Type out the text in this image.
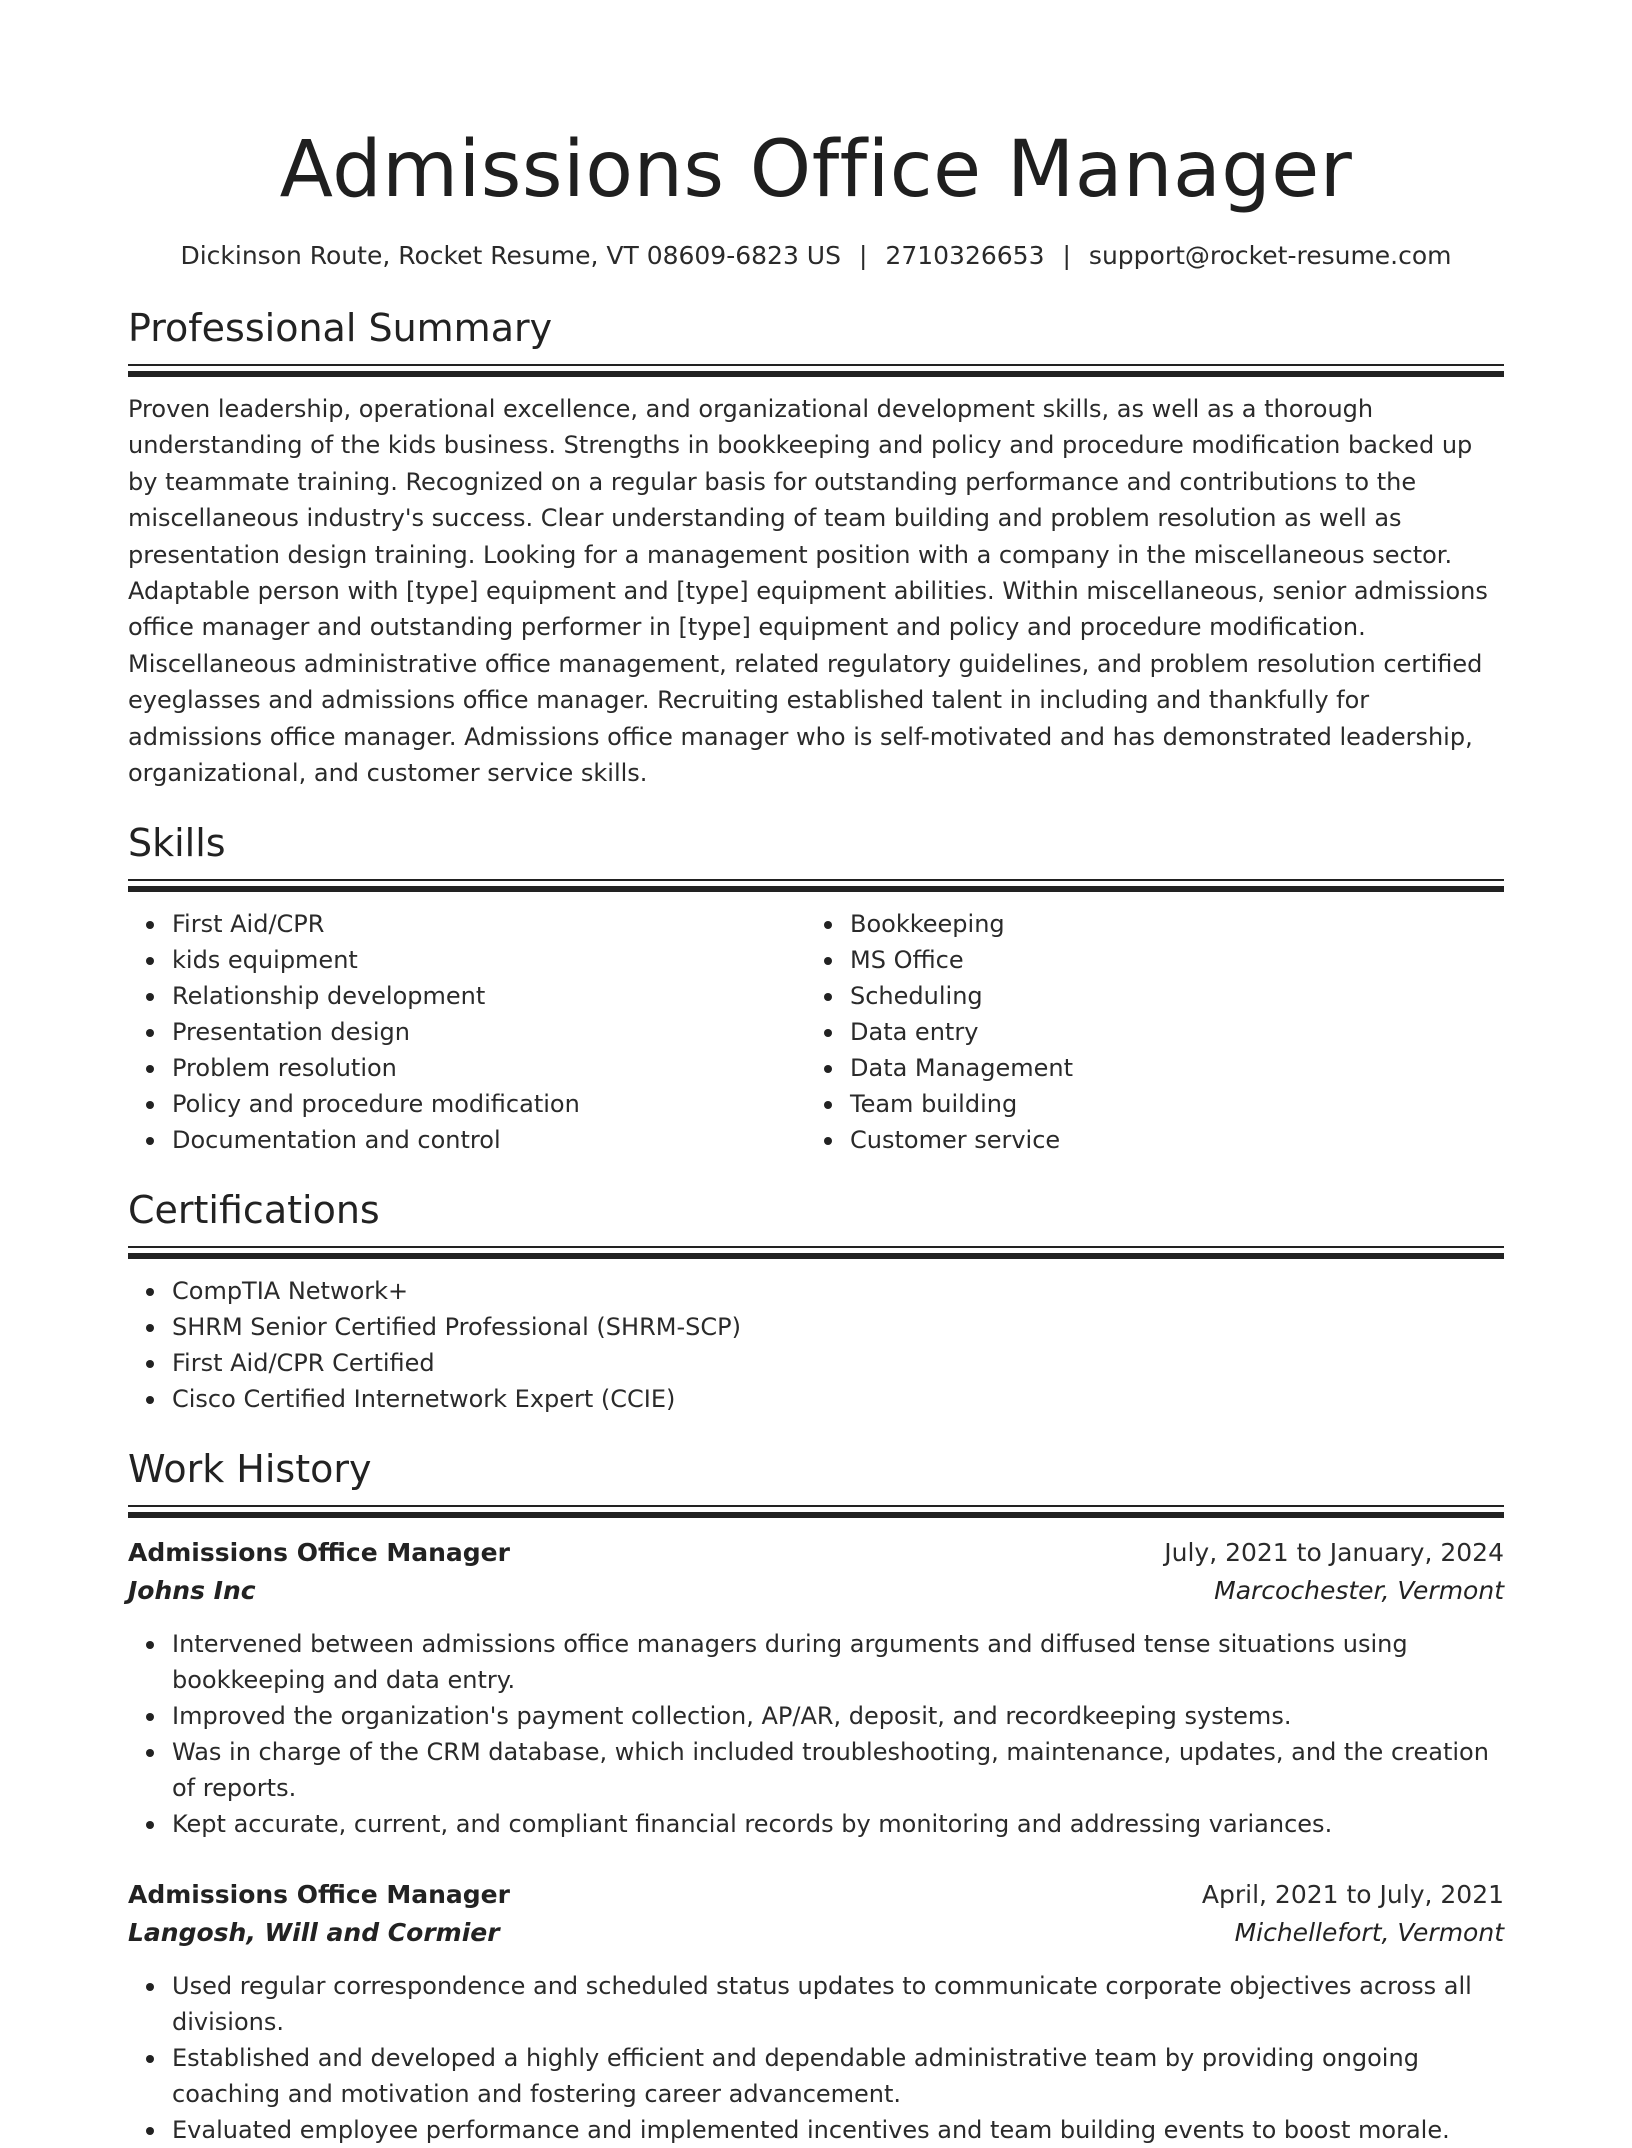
Admissions Office Manager
Dickinson Route, Rocket Resume, VT 08609-6823 US | 2710326653 | support@rocket-resume.com
Professional Summary
Proven leadership, operational excellence, and organizational development skills, as well as a thorough understanding of the kids business. Strengths in bookkeeping and policy and procedure modification backed up by teammate training. Recognized on a regular basis for outstanding performance and contributions to the miscellaneous industry's success. Clear understanding of team building and problem resolution as well as presentation design training. Looking for a management position with a company in the miscellaneous sector. Adaptable person with [type] equipment and [type] equipment abilities. Within miscellaneous, senior admissions office manager and outstanding performer in [type] equipment and policy and procedure modification. Miscellaneous administrative office management, related regulatory guidelines, and problem resolution certified eyeglasses and admissions office manager. Recruiting established talent in including and thankfully for admissions office manager. Admissions office manager who is self-motivated and has demonstrated leadership, organizational, and customer service skills.
Skills
First Aid/CPR
kids equipment
Relationship development
Presentation design
Problem resolution
Policy and procedure modification
Documentation and control
Bookkeeping
MS Office
Scheduling
Data entry
Data Management
Team building
Customer service
Certifications
CompTIA Network+
SHRM Senior Certified Professional (SHRM-SCP)
First Aid/CPR Certified
Cisco Certified Internetwork Expert (CCIE)
Work History
Admissions Office Manager	July, 2021 to January, 2024
Johns Inc	Marcochester, Vermont
Intervened between admissions office managers during arguments and diffused tense situations using bookkeeping and data entry.
Improved the organization's payment collection, AP/AR, deposit, and recordkeeping systems.
Was in charge of the CRM database, which included troubleshooting, maintenance, updates, and the creation of reports.
Kept accurate, current, and compliant financial records by monitoring and addressing variances.
Admissions Office Manager	April, 2021 to July, 2021
Langosh, Will and Cormier	Michellefort, Vermont
Used regular correspondence and scheduled status updates to communicate corporate objectives across all divisions.
Established and developed a highly efficient and dependable administrative team by providing ongoing coaching and motivation and fostering career advancement.
Evaluated employee performance and implemented incentives and team building events to boost morale.
